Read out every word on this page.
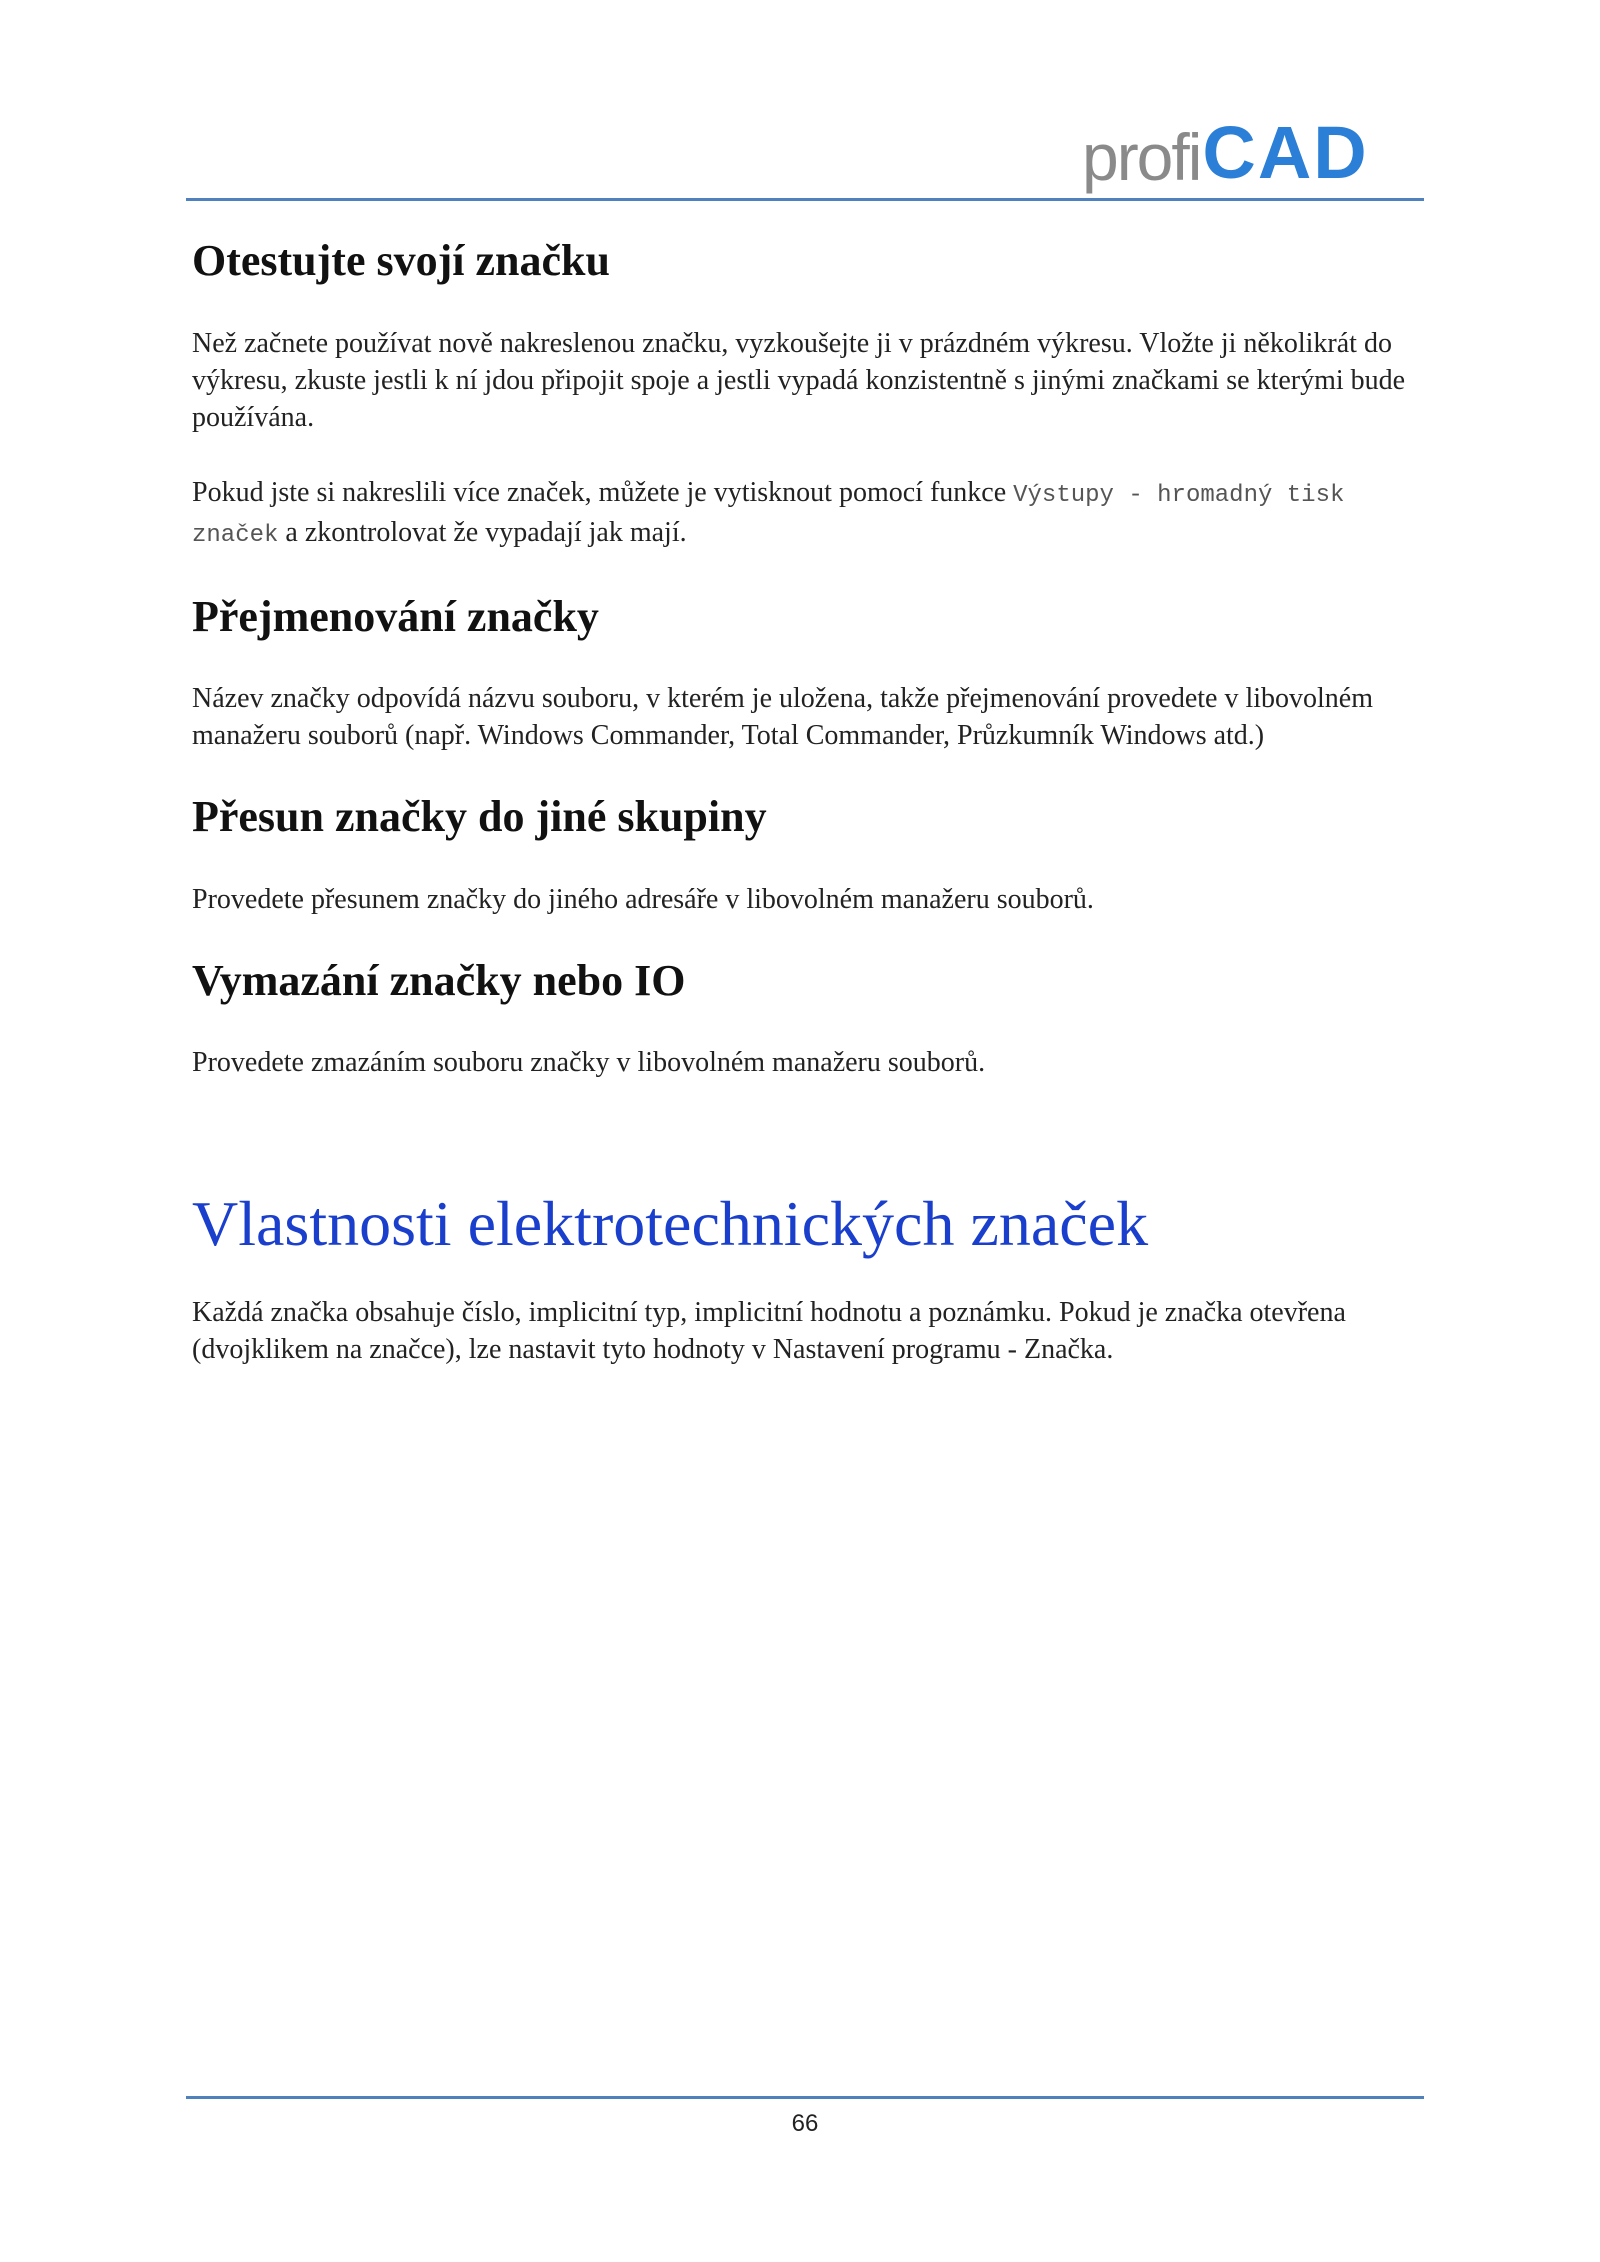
profi CAD
Otestujte svojí značku

Než začnete používat nově nakreslenou značku, vyzkoušejte ji v prázdném výkresu. Vložte ji několikrát do výkresu, zkuste jestli k ní jdou připojit spoje a jestli vypadá konzistentně s jinými značkami se kterými bude používána.

Pokud jste si nakreslili více značek, můžete je vytisknout pomocí funkce Výstupy - hromadný tisk značek a zkontrolovat že vypadají jak mají.

Přejmenování značky

Název značky odpovídá názvu souboru, v kterém je uložena, takže přejmenování provedete v libovolném manažeru souborů (např. Windows Commander, Total Commander, Průzkumník Windows atd.)

Přesun značky do jiné skupiny

Provedete přesunem značky do jiného adresáře v libovolném manažeru souborů.

Vymazání značky nebo IO

Provedete zmazáním souboru značky v libovolném manažeru souborů.

Vlastnosti elektrotechnických značek

Každá značka obsahuje číslo, implicitní typ, implicitní hodnotu a poznámku. Pokud je značka otevřena (dvojklikem na značce), lze nastavit tyto hodnoty v Nastavení programu - Značka.

66
